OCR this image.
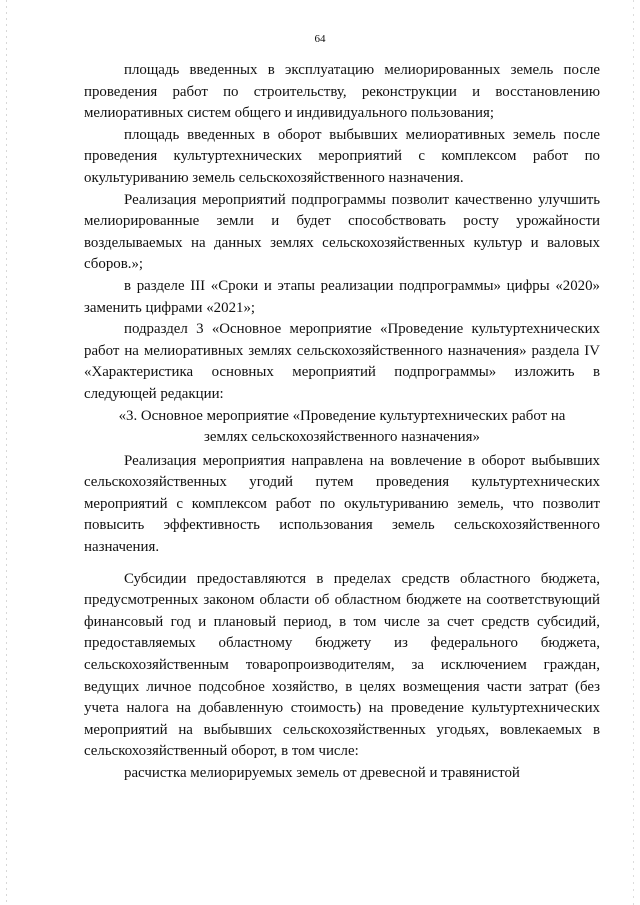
64

площадь введенных в эксплуатацию мелиорированных земель после проведения работ по строительству, реконструкции и восстановлению мелиоративных систем общего и индивидуального пользования;

площадь введенных в оборот выбывших мелиоративных земель после проведения культуртехнических мероприятий с комплексом работ по окультуриванию земель сельскохозяйственного назначения.

Реализация мероприятий подпрограммы позволит качественно улучшить мелиорированные земли и будет способствовать росту урожайности возделываемых на данных землях сельскохозяйственных культур и валовых сборов.»;

в разделе III «Сроки и этапы реализации подпрограммы» цифры «2020» заменить цифрами «2021»;

подраздел 3 «Основное мероприятие «Проведение культуртехнических работ на мелиоративных землях сельскохозяйственного назначения» раздела IV «Характеристика основных мероприятий подпрограммы» изложить в следующей редакции:

«3. Основное мероприятие «Проведение культуртехнических работ на
землях сельскохозяйственного назначения»

Реализация мероприятия направлена на вовлечение в оборот выбывших сельскохозяйственных угодий путем проведения культуртехнических мероприятий с комплексом работ по окультуриванию земель, что позволит повысить эффективность использования земель сельскохозяйственного назначения.

Субсидии предоставляются в пределах средств областного бюджета, предусмотренных законом области об областном бюджете на соответствующий финансовый год и плановый период, в том числе за счет средств субсидий, предоставляемых областному бюджету из федерального бюджета, сельскохозяйственным товаропроизводителям, за исключением граждан, ведущих личное подсобное хозяйство, в целях возмещения части затрат (без учета налога на добавленную стоимость) на проведение культуртехнических мероприятий на выбывших сельскохозяйственных угодьях, вовлекаемых в сельскохозяйственный оборот, в том числе:

расчистка мелиорируемых земель от древесной и травянистой
